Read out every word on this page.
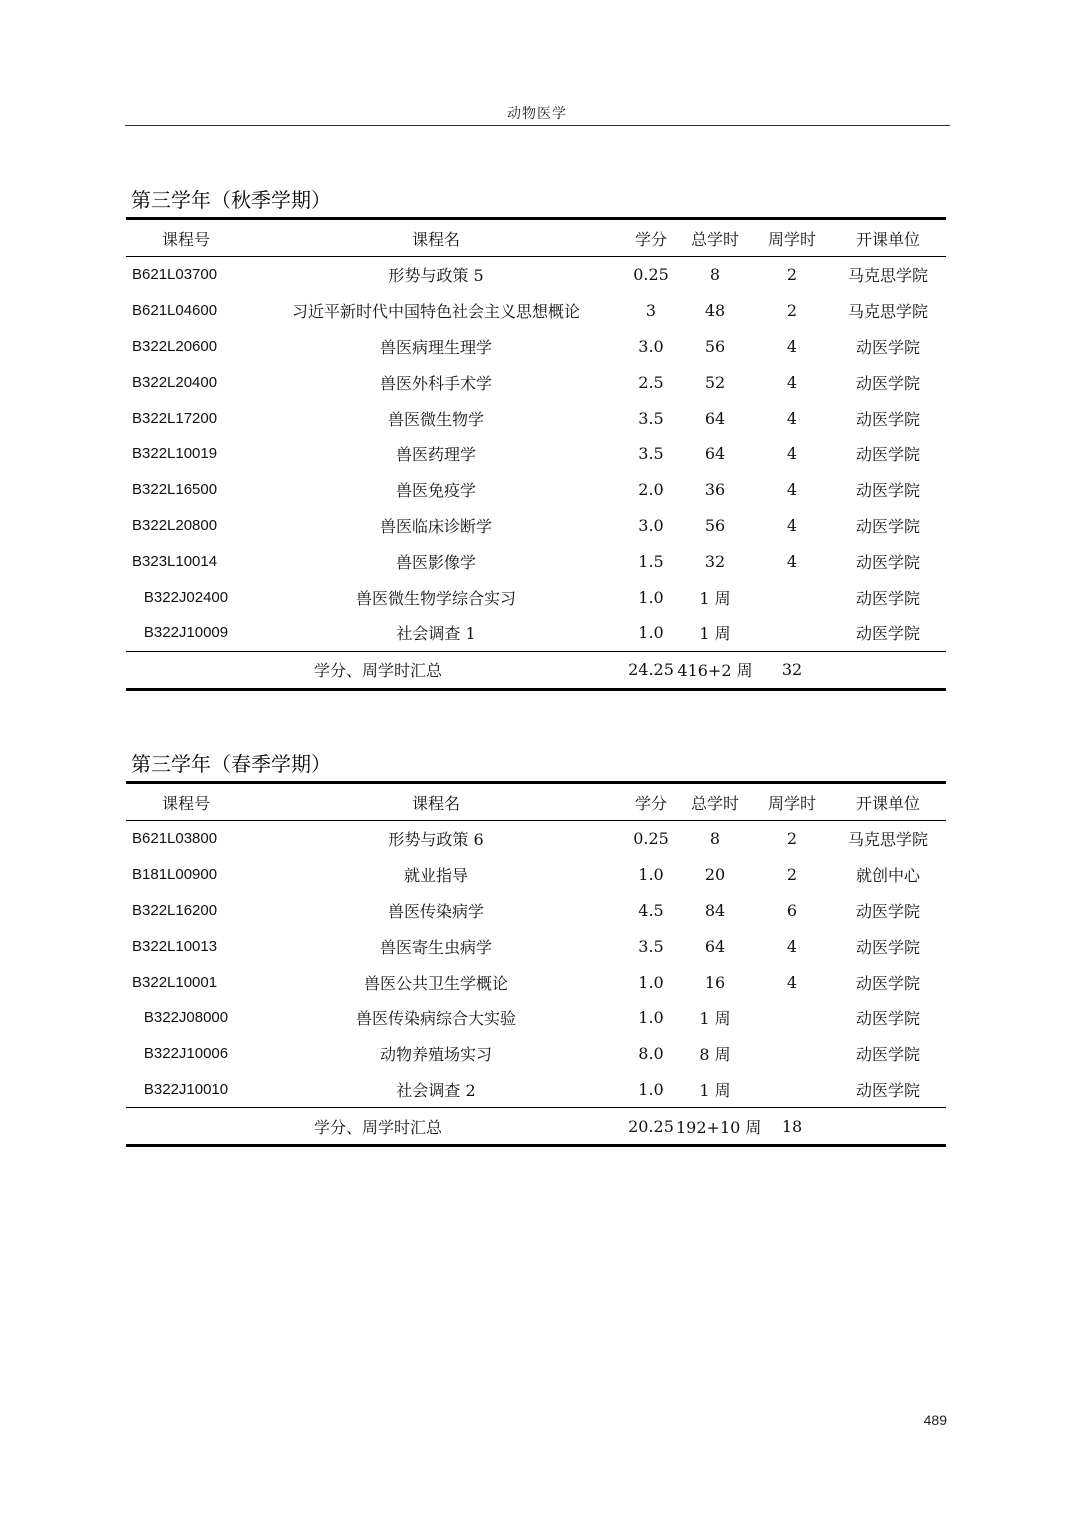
动物医学
第三学年（秋季学期）
课程号	课程名	学分	总学时	周学时	开课单位
B621L03700	形势与政策 5	0.25	8	2	马克思学院
B621L04600	习近平新时代中国特色社会主义思想概论	3	48	2	马克思学院
B322L20600	兽医病理生理学	3.0	56	4	动医学院
B322L20400	兽医外科手术学	2.5	52	4	动医学院
B322L17200	兽医微生物学	3.5	64	4	动医学院
B322L10019	兽医药理学	3.5	64	4	动医学院
B322L16500	兽医免疫学	2.0	36	4	动医学院
B322L20800	兽医临床诊断学	3.0	56	4	动医学院
B323L10014	兽医影像学	1.5	32	4	动医学院
B322J02400	兽医微生物学综合实习	1.0	1 周		动医学院
B322J10009	社会调查 1	1.0	1 周		动医学院
	学分、周学时汇总	24.25	416+2 周	32	
第三学年（春季学期）
课程号	课程名	学分	总学时	周学时	开课单位
B621L03800	形势与政策 6	0.25	8	2	马克思学院
B181L00900	就业指导	1.0	20	2	就创中心
B322L16200	兽医传染病学	4.5	84	6	动医学院
B322L10013	兽医寄生虫病学	3.5	64	4	动医学院
B322L10001	兽医公共卫生学概论	1.0	16	4	动医学院
B322J08000	兽医传染病综合大实验	1.0	1 周		动医学院
B322J10006	动物养殖场实习	8.0	8 周		动医学院
B322J10010	社会调查 2	1.0	1 周		动医学院
	学分、周学时汇总	20.25	192+10 周	18	
489
